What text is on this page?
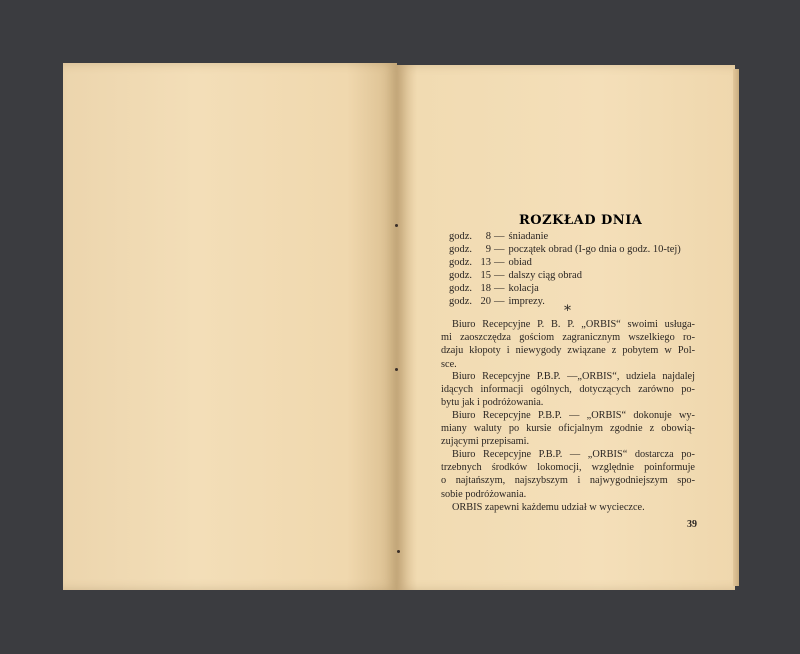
ROZKŁAD DNIA
godz.	8 — śniadanie
godz.	9 — początek obrad (I-go dnia o godz. 10-tej)
godz. 13 — obiad
godz. 15 — dalszy ciąg obrad
godz. 18 — kolacja
godz. 20 — imprezy.
*
Biuro Recepcyjne P. B. P. „ORBIS“ swoimi usługa-
mi zaoszczędza gościom zagranicznym wszelkiego ro-
dzaju kłopoty i niewygody związane z pobytem w Pol-
sce.
Biuro Recepcyjne P.B.P. —„ORBIS“, udziela najdalej
idących informacji ogólnych, dotyczących zarówno po-
bytu jak i podróżowania.
Biuro Recepcyjne P.B.P. — „ORBIS“ dokonuje wy-
miany waluty po kursie oficjalnym zgodnie z obowią-
zującymi przepisami.
Biuro Recepcyjne P.B.P. — „ORBIS“ dostarcza po-
trzebnych środków lokomocji, względnie poinformuje
o najtańszym, najszybszym i najwygodniejszym spo-
sobie podróżowania.
ORBIS zapewni każdemu udział w wycieczce.
39
